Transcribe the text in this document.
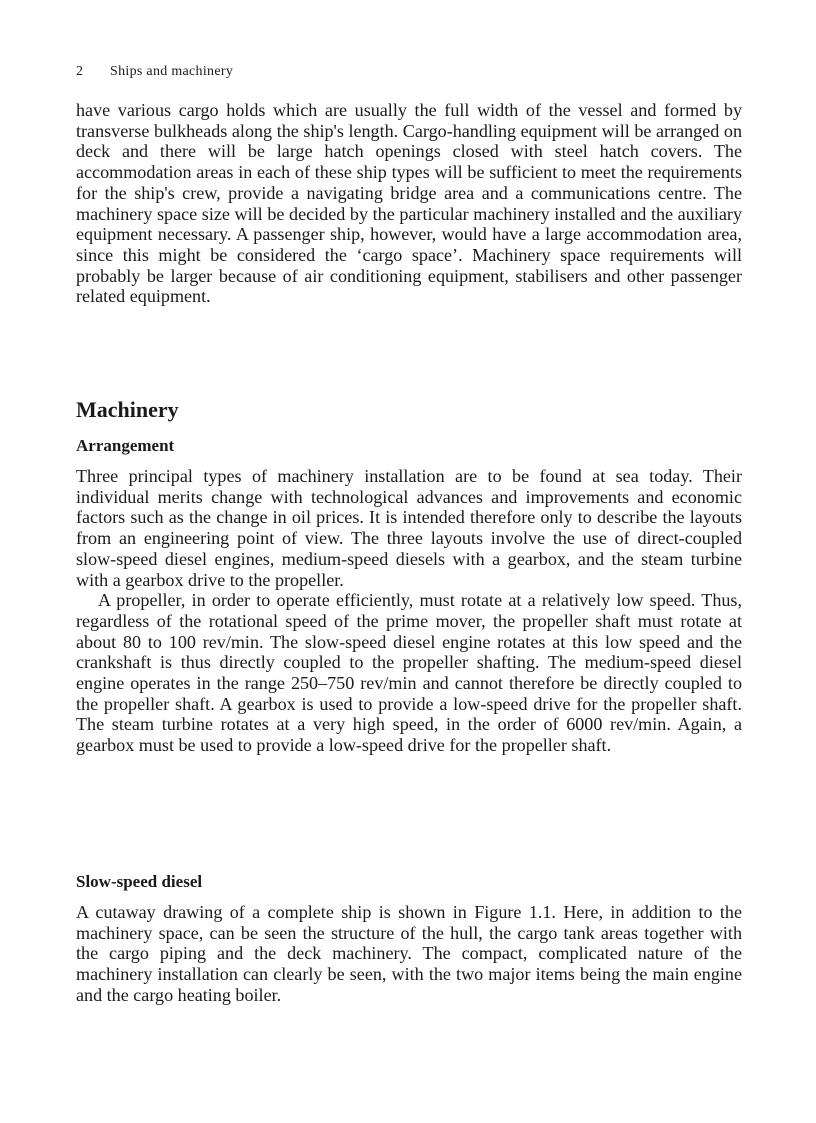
2 Ships and machinery

have various cargo holds which are usually the full width of the vessel and formed by transverse bulkheads along the ship's length. Cargo-handling equipment will be arranged on deck and there will be large hatch openings closed with steel hatch covers. The accommodation areas in each of these ship types will be sufficient to meet the requirements for the ship's crew, provide a navigating bridge area and a communications centre. The machinery space size will be decided by the particular machinery installed and the auxiliary equipment necessary. A passenger ship, however, would have a large accommodation area, since this might be considered the ‘cargo space’. Machinery space requirements will probably be larger because of air conditioning equipment, stabilisers and other passenger related equipment.

Machinery
Arrangement

Three principal types of machinery installation are to be found at sea today. Their individual merits change with technological advances and improvements and economic factors such as the change in oil prices. It is intended therefore only to describe the layouts from an engineering point of view. The three layouts involve the use of direct-coupled slow-speed diesel engines, medium-speed diesels with a gearbox, and the steam turbine with a gearbox drive to the propeller.

A propeller, in order to operate efficiently, must rotate at a relatively low speed. Thus, regardless of the rotational speed of the prime mover, the propeller shaft must rotate at about 80 to 100 rev/min. The slow-speed diesel engine rotates at this low speed and the crankshaft is thus directly coupled to the propeller shafting. The medium-speed diesel engine operates in the range 250–750 rev/min and cannot therefore be directly coupled to the propeller shaft. A gearbox is used to provide a low-speed drive for the propeller shaft. The steam turbine rotates at a very high speed, in the order of 6000 rev/min. Again, a gearbox must be used to provide a low-speed drive for the propeller shaft.

Slow-speed diesel

A cutaway drawing of a complete ship is shown in Figure 1.1. Here, in addition to the machinery space, can be seen the structure of the hull, the cargo tank areas together with the cargo piping and the deck machinery. The compact, complicated nature of the machinery installation can clearly be seen, with the two major items being the main engine and the cargo heating boiler.
